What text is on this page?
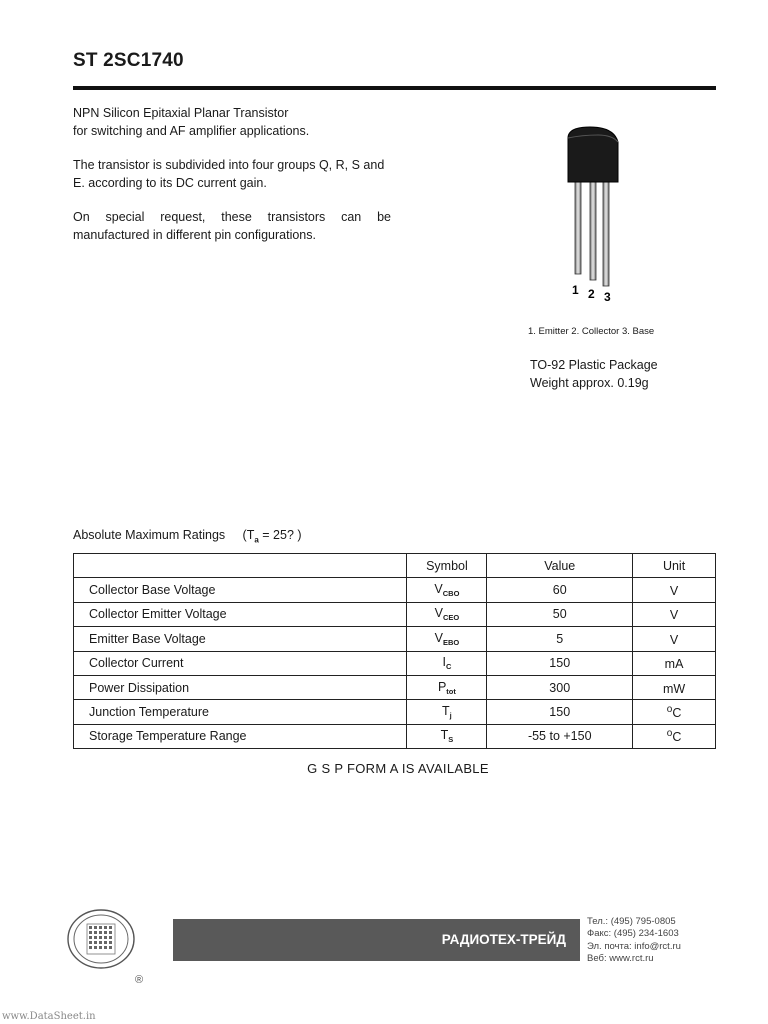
ST 2SC1740

NPN Silicon Epitaxial Planar Transistor
for switching and AF amplifier applications.

The transistor is subdivided into four groups Q, R, S and E. according to its DC current gain.

On special request, these transistors can be manufactured in different pin configurations.

1 2 3
1. Emitter 2. Collector 3. Base
TO-92 Plastic Package
Weight approx. 0.19g
Absolute Maximum Ratings ($T_a = 25$? )
	Symbol	Value	Unit
Collector Base Voltage	$V_{CBO}$	60	V
Collector Emitter Voltage	$V_{CEO}$	50	V
Emitter Base Voltage	$V_{EBO}$	5	V
Collector Current	$I_C$	150	mA
Power Dissipation	$P_{tot}$	300	mW
Junction Temperature	$T_j$	150	$^o$C
Storage Temperature Range	$T_S$	-55 to +150	$^o$C
G S P FORM A IS AVAILABLE
®
РАДИОТЕХ-ТРЕЙД
Тел.: (495) 795-0805
Факс: (495) 234-1603
Эл. почта: info@rct.ru
Веб: www.rct.ru
www.DataSheet.in
